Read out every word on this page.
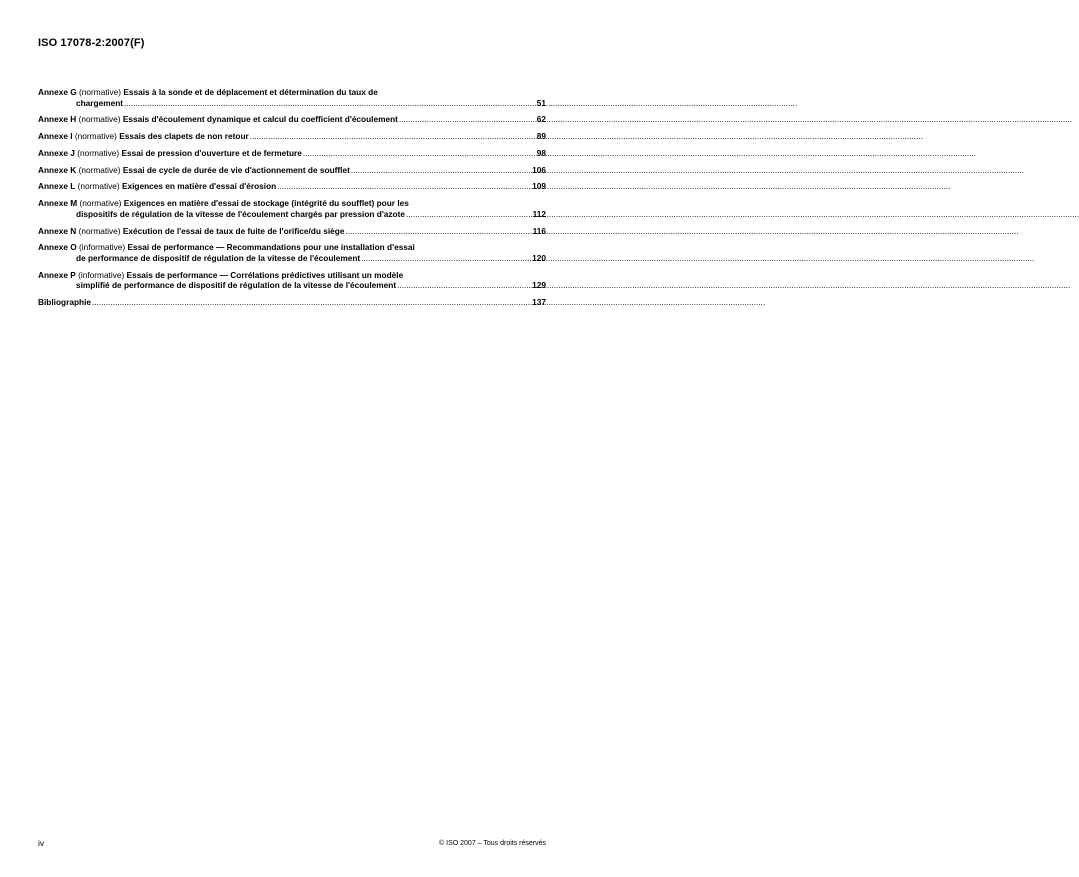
ISO 17078-2:2007(F)
Annexe G (normative) Essais à la sonde et de déplacement et détermination du taux de
chargement .....	51
Annexe H (normative) Essais d'écoulement dynamique et calcul du coefficient d'écoulement .....	62
Annexe I (normative) Essais des clapets de non retour .....	89
Annexe J (normative) Essai de pression d'ouverture et de fermeture .....	98
Annexe K (normative) Essai de cycle de durée de vie d'actionnement de soufflet .....	106
Annexe L (normative) Exigences en matière d'essai d'érosion .....	109
Annexe M (normative) Exigences en matière d'essai de stockage (intégrité du soufflet) pour les
dispositifs de régulation de la vitesse de l'écoulement chargés par pression d'azote .....	112
Annexe N (normative) Exécution de l'essai de taux de fuite de l'orifice/du siège .....	116
Annexe O (informative) Essai de performance — Recommandations pour une installation d'essai
de performance de dispositif de régulation de la vitesse de l'écoulement .....	120
Annexe P (informative) Essais de performance — Corrélations prédictives utilisant un modèle
simplifié de performance de dispositif de régulation de la vitesse de l'écoulement .....	129
Bibliographie .....	137
iv	© ISO 2007 – Tous droits réservés
